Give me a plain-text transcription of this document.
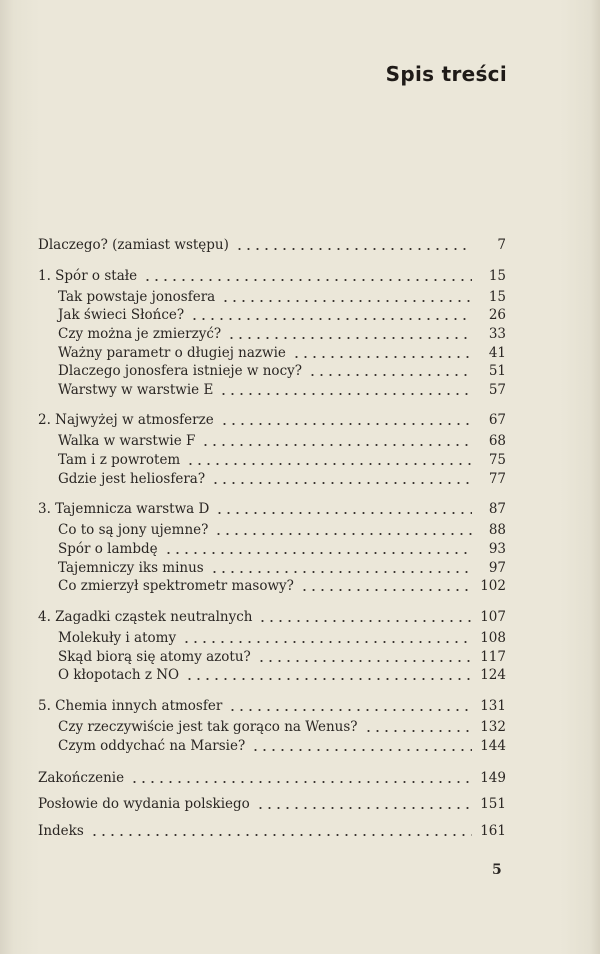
Spis treści
Dlaczego? (zamiast wstępu)	7
1. Spór o stałe	15
Tak powstaje jonosfera	15
Jak świeci Słońce?	26
Czy można je zmierzyć?	33
Ważny parametr o długiej nazwie	41
Dlaczego jonosfera istnieje w nocy?	51
Warstwy w warstwie E	57
2. Najwyżej w atmosferze	67
Walka w warstwie F	68
Tam i z powrotem	75
Gdzie jest heliosfera?	77
3. Tajemnicza warstwa D	87
Co to są jony ujemne?	88
Spór o lambdę	93
Tajemniczy iks minus	97
Co zmierzył spektrometr masowy?	102
4. Zagadki cząstek neutralnych	107
Molekuły i atomy	108
Skąd biorą się atomy azotu?	117
O kłopotach z NO	124
5. Chemia innych atmosfer	131
Czy rzeczywiście jest tak gorąco na Wenus?	132
Czym oddychać na Marsie?	144
Zakończenie	149
Posłowie do wydania polskiego	151
Indeks	161
5
